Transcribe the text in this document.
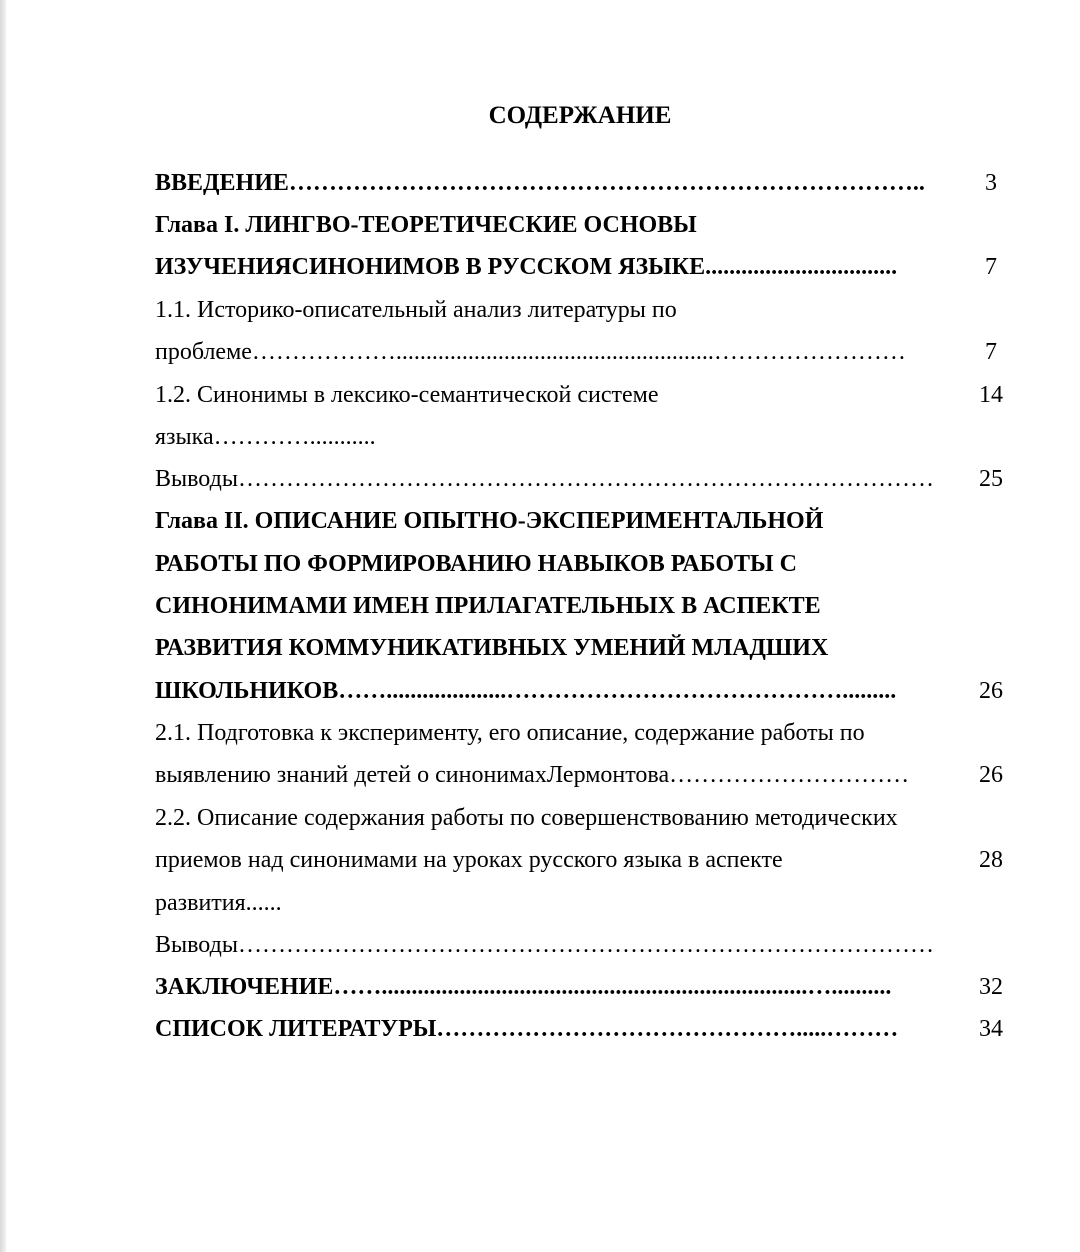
СОДЕРЖАНИЕ
ВВЕДЕНИЕ……………………………………………………………………..	3
Глава I. ЛИНГВО-ТЕОРЕТИЧЕСКИЕ ОСНОВЫ
ИЗУЧЕНИЯСИНОНИМОВ В РУССКОМ ЯЗЫКЕ................................	7
1.1. Историко-описательный анализ литературы по
проблеме……………….....................................................……………………	7
1.2. Синонимы в лексико-семантической системе	14
языка…………...........
Выводы……………………………………………………………………………	25
Глава II. ОПИСАНИЕ ОПЫТНО-ЭКСПЕРИМЕНТАЛЬНОЙ
РАБОТЫ ПО ФОРМИРОВАНИЮ НАВЫКОВ РАБОТЫ С
СИНОНИМАМИ ИМЕН ПРИЛАГАТЕЛЬНЫХ В АСПЕКТЕ
РАЗВИТИЯ КОММУНИКАТИВНЫХ УМЕНИЙ МЛАДШИХ
ШКОЛЬНИКОВ……....................…………………………………….........	26
2.1. Подготовка к эксперименту, его описание, содержание работы по
выявлению знаний детей о синонимахЛермонтова…………………………	26
2.2. Описание содержания работы по совершенствованию методических
приемов над синонимами на уроках русского языка в аспекте	28
развития......
Выводы……………………………………………………………………………
ЗАКЛЮЧЕНИЕ…….......................................................................…..........	32
СПИСОК ЛИТЕРАТУРЫ……………………………………….....………	34
